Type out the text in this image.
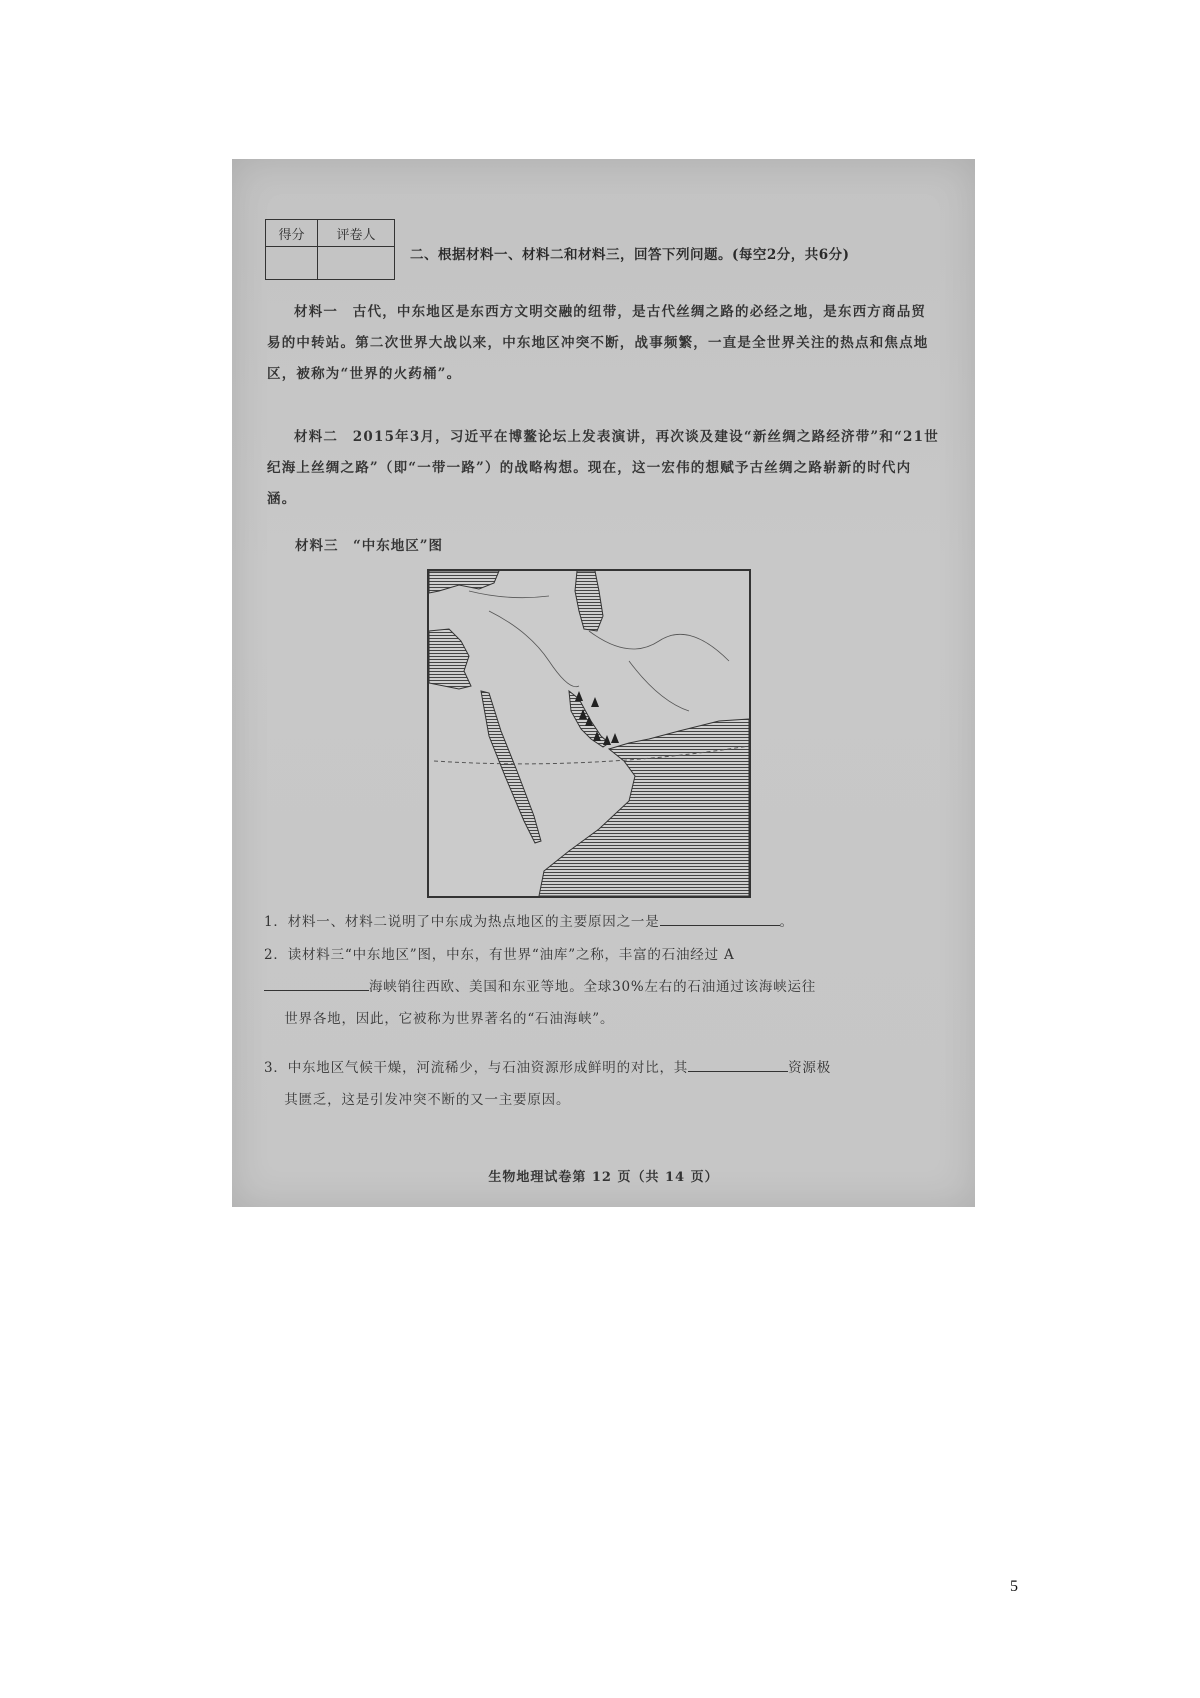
得分	评卷人

二、根据材料一、材料二和材料三，回答下列问题。(每空2分，共6分)
材料一　古代，中东地区是东西方文明交融的纽带，是古代丝绸之路的必经之地，是东西方商品贸易的中转站。第二次世界大战以来，中东地区冲突不断，战事频繁，一直是全世界关注的热点和焦点地区，被称为“世界的火药桶”。
材料二　2015年3月，习近平在博鳌论坛上发表演讲，再次谈及建设“新丝绸之路经济带”和“21世纪海上丝绸之路”（即“一带一路”）的战略构想。现在，这一宏伟的想赋予古丝绸之路崭新的时代内涵。
材料三　“中东地区”图
1．材料一、材料二说明了中东成为热点地区的主要原因之一是	。
2．读材料三“中东地区”图，中东，有世界“油库”之称，丰富的石油经过 A
海峡销往西欧、美国和东亚等地。全球30%左右的石油通过该海峡运往
世界各地，因此，它被称为世界著名的“石油海峡”。
3．中东地区气候干燥，河流稀少，与石油资源形成鲜明的对比，其	资源极
其匮乏，这是引发冲突不断的又一主要原因。
生物地理试卷第 12 页（共 14 页）
5
